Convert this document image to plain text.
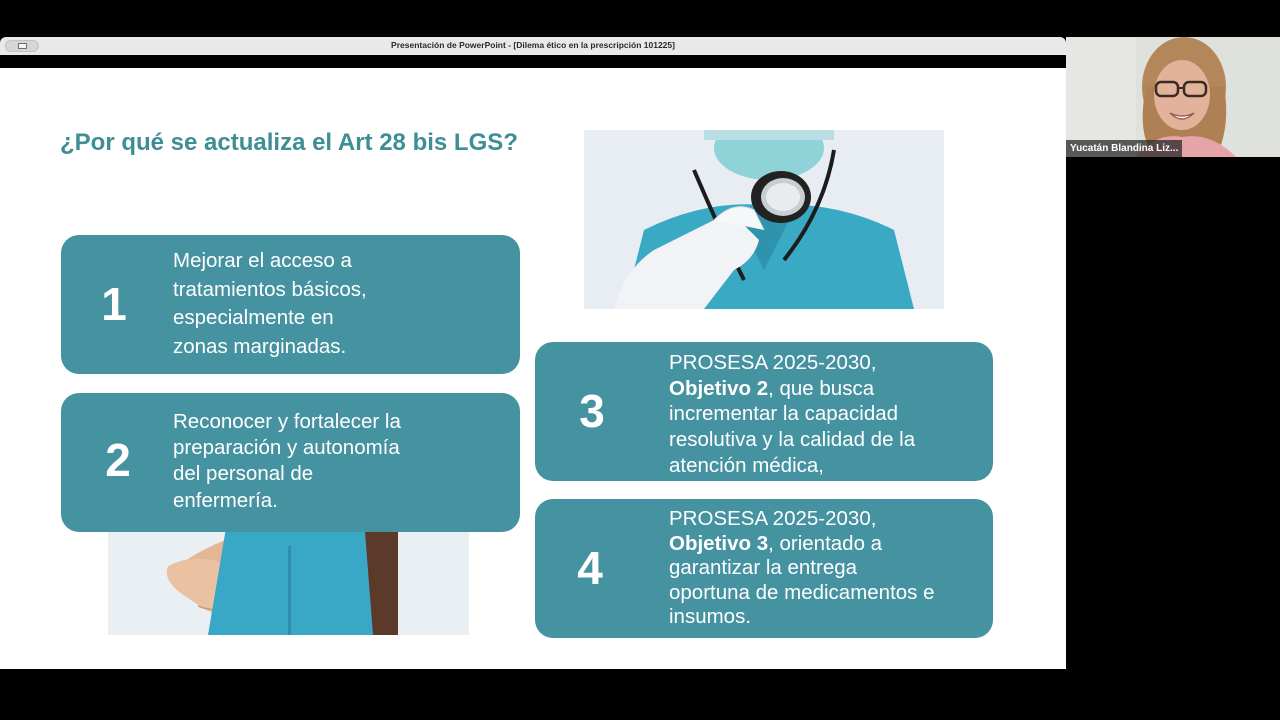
Presentación de PowerPoint - [Dilema ético en la prescripción 101225]
¿Por qué se actualiza el Art 28 bis LGS?
1
Mejorar el acceso a
tratamientos básicos,
especialmente en
zonas marginadas.
2
Reconocer y fortalecer la
preparación y autonomía
del personal de
enfermería.
3
PROSESA 2025-2030,
Objetivo 2, que busca
incrementar la capacidad
resolutiva y la calidad de la
atención médica,
4
PROSESA 2025-2030,
Objetivo 3, orientado a
garantizar la entrega
oportuna de medicamentos e
insumos.
Yucatán Blandina Liz...
